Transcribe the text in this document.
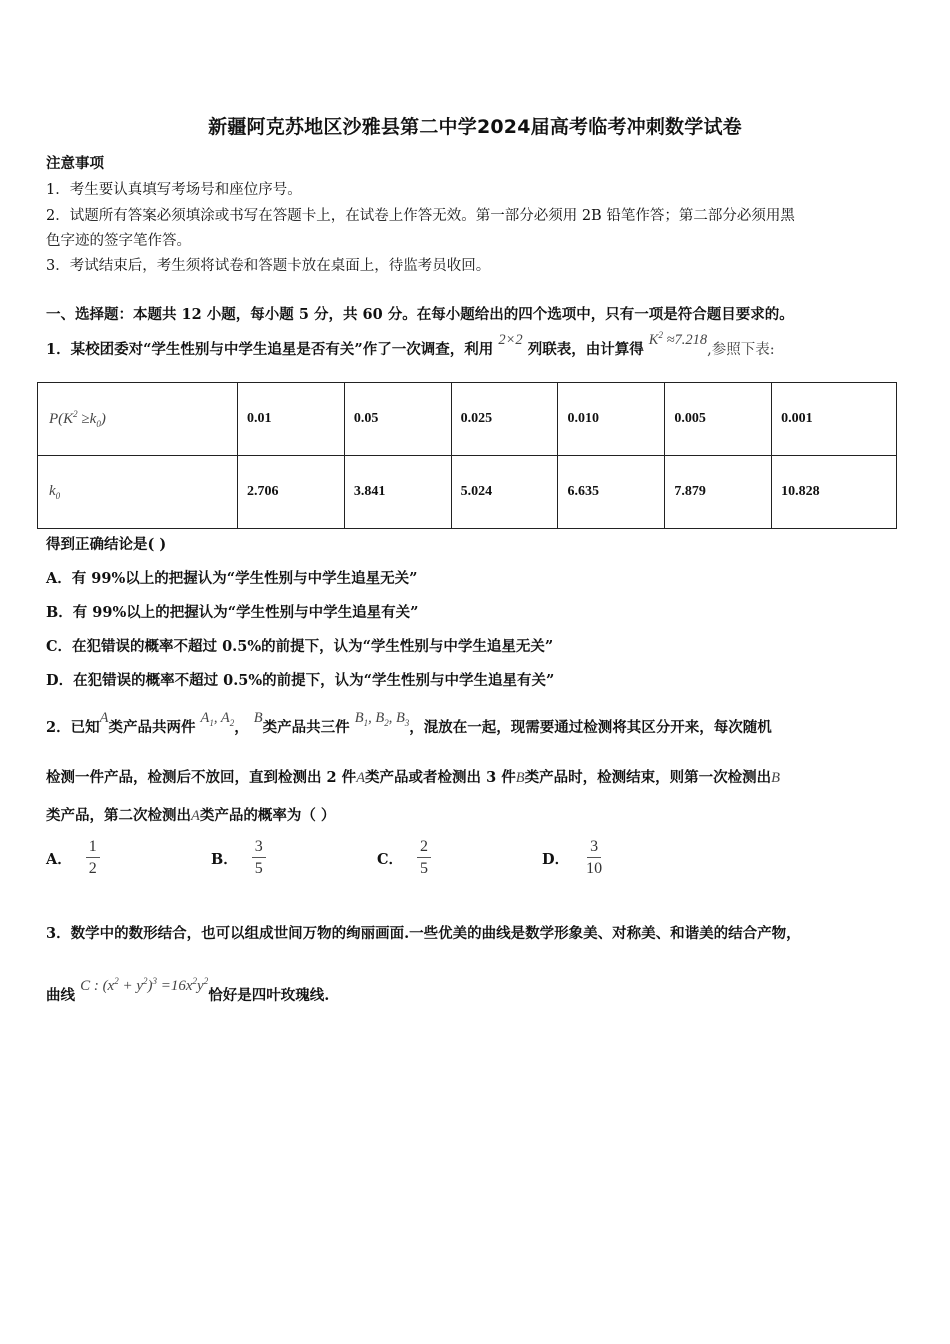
新疆阿克苏地区沙雅县第二中学2024届高考临考冲刺数学试卷
注意事项
1．考生要认真填写考场号和座位序号。
2．试题所有答案必须填涂或书写在答题卡上，在试卷上作答无效。第一部分必须用 2B 铅笔作答；第二部分必须用黑
色字迹的签字笔作答。
3．考试结束后，考生须将试卷和答题卡放在桌面上，待监考员收回。
一、选择题：本题共 12 小题，每小题 5 分，共 60 分。在每小题给出的四个选项中，只有一项是符合题目要求的。
1．某校团委对“学生性别与中学生追星是否有关”作了一次调查，利用 2×2 列联表，由计算得 $K^2 \approx 7.218$,参照下表:
$P(K^2 \ge k_0)$	0.01	0.05	0.025	0.010	0.005	0.001
$k_0$	2.706	3.841	5.024	6.635	7.879	10.828
得到正确结论是( )
A．有 99%以上的把握认为“学生性别与中学生追星无关”
B．有 99%以上的把握认为“学生性别与中学生追星有关”
C．在犯错误的概率不超过 0.5%的前提下，认为“学生性别与中学生追星无关”
D．在犯错误的概率不超过 0.5%的前提下，认为“学生性别与中学生追星有关”
2．已知A类产品共两件 $A_1$, $A_2$， B类产品共三件 $B_1$, $B_2$, $B_3$，混放在一起，现需要通过检测将其区分开来，每次随机
检测一件产品，检测后不放回，直到检测出 2 件A类产品或者检测出 3 件B类产品时，检测结束，则第一次检测出B
类产品，第二次检测出A类产品的概率为（ ）
A． $\frac{1}{2}$	B． $\frac{3}{5}$	C． $\frac{2}{5}$	D． $\frac{3}{10}$
3．数学中的数形结合，也可以组成世间万物的绚丽画面.一些优美的曲线是数学形象美、对称美、和谐美的结合产物，
曲线 C : $(x^2 + y^2)^3 =16x^2y^2$恰好是四叶玫瑰线.
